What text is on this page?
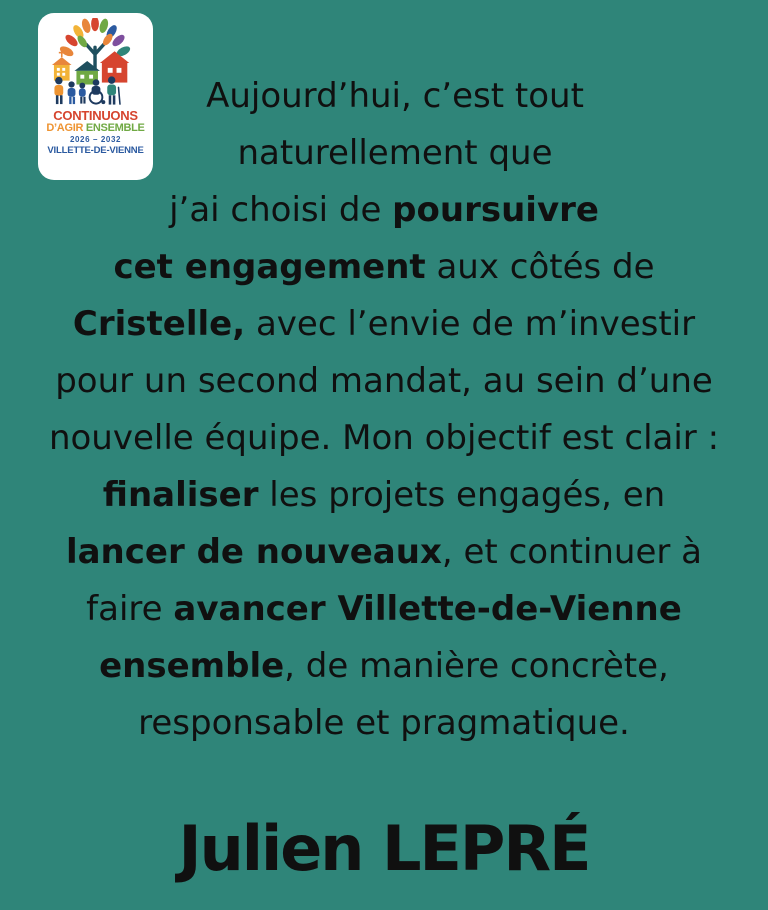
CONTINUONS
D’AGIR ENSEMBLE
2026 – 2032
VILLETTE-DE-VIENNE
Aujourd’hui, c’est tout
naturellement que
j’ai choisi de poursuivre
cet engagement aux côtés de
Cristelle, avec l’envie de m’investir
pour un second mandat, au sein d’une
nouvelle équipe. Mon objectif est clair :
finaliser les projets engagés, en
lancer de nouveaux, et continuer à
faire avancer Villette-de-Vienne
ensemble, de manière concrète,
responsable et pragmatique.
Julien LEPRÉ
